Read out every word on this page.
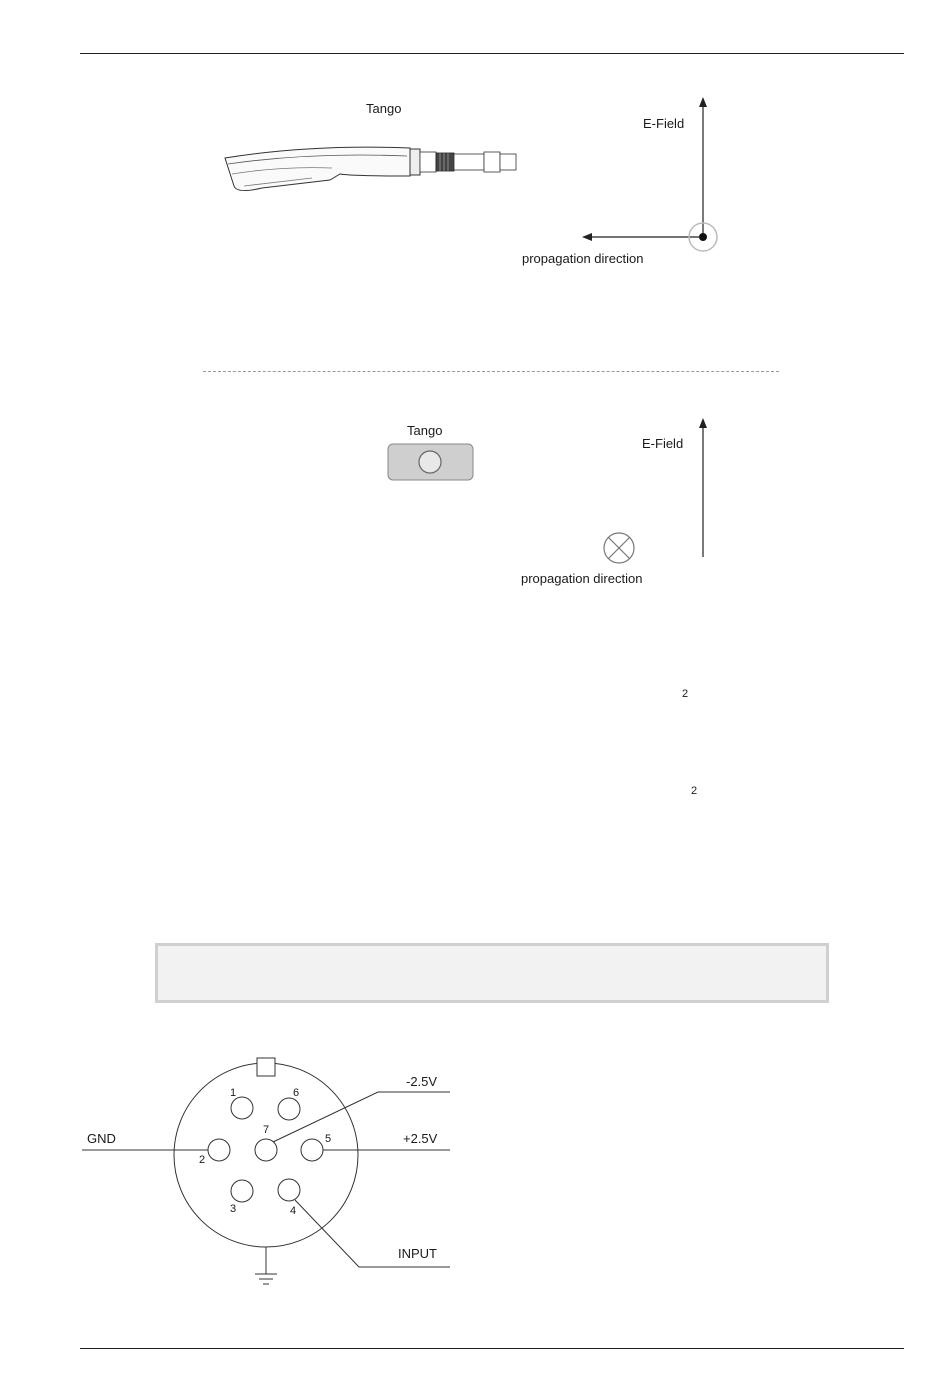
Tango
E-Field
propagation direction
Tango
E-Field
propagation direction
2
2
1	6
7
5
2
3	4
GND
-2.5V
+2.5V
INPUT
